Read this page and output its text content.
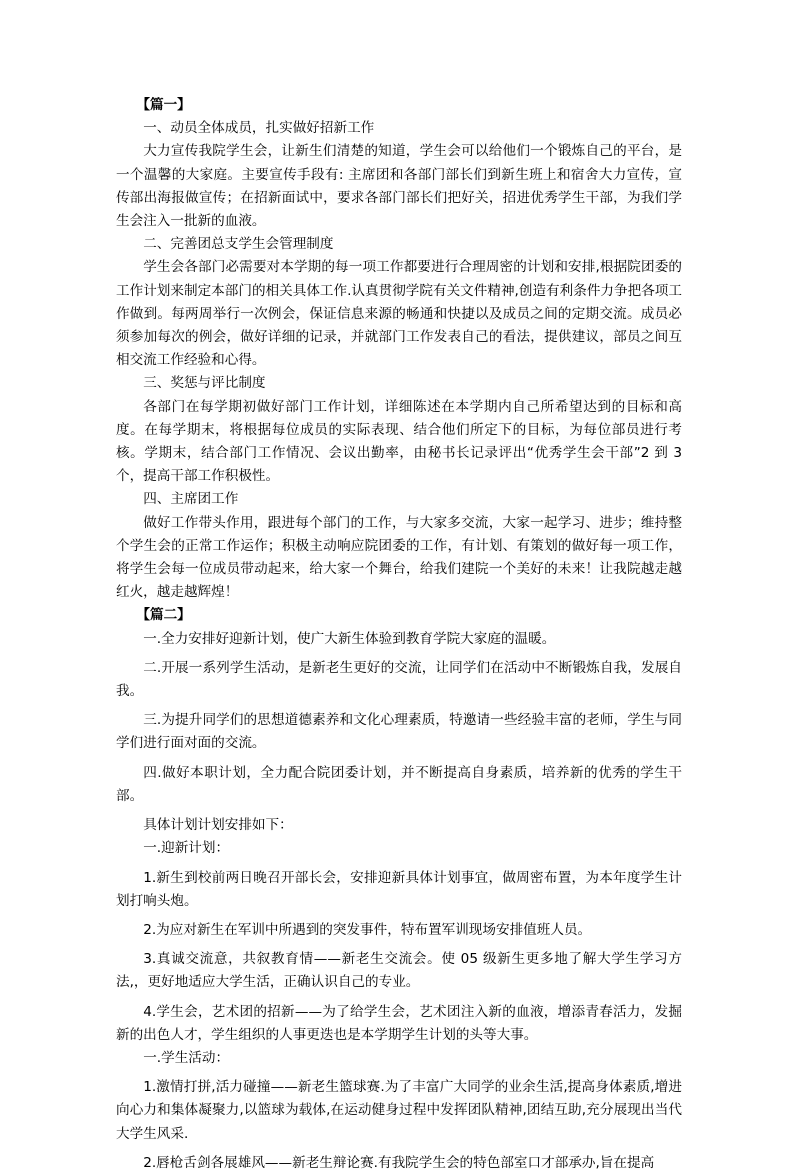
【篇一】

一、动员全体成员，扎实做好招新工作

大力宣传我院学生会，让新生们清楚的知道，学生会可以给他们一个锻炼自己的平台，是一个温馨的大家庭。主要宣传手段有: 主席团和各部门部长们到新生班上和宿舍大力宣传，宣传部出海报做宣传；在招新面试中，要求各部门部长们把好关，招进优秀学生干部，为我们学生会注入一批新的血液。

二、完善团总支学生会管理制度

学生会各部门必需要对本学期的每一项工作都要进行合理周密的计划和安排,根据院团委的工作计划来制定本部门的相关具体工作.认真贯彻学院有关文件精神,创造有利条件力争把各项工作做到。每两周举行一次例会，保证信息来源的畅通和快捷以及成员之间的定期交流。成员必须参加每次的例会，做好详细的记录，并就部门工作发表自己的看法，提供建议，部员之间互相交流工作经验和心得。

三、奖惩与评比制度

各部门在每学期初做好部门工作计划，详细陈述在本学期内自己所希望达到的目标和高度。在每学期末，将根据每位成员的实际表现、结合他们所定下的目标，为每位部员进行考核。学期末，结合部门工作情况、会议出勤率，由秘书长记录评出“优秀学生会干部”2 到 3 个，提高干部工作积极性。

四、主席团工作

做好工作带头作用，跟进每个部门的工作，与大家多交流，大家一起学习、进步；维持整个学生会的正常工作运作；积极主动响应院团委的工作，有计划、有策划的做好每一项工作，将学生会每一位成员带动起来，给大家一个舞台，给我们建院一个美好的未来！让我院越走越红火，越走越辉煌！

【篇二】

一.全力安排好迎新计划，使广大新生体验到教育学院大家庭的温暖。

二.开展一系列学生活动，是新老生更好的交流，让同学们在活动中不断锻炼自我，发展自我。

三.为提升同学们的思想道德素养和文化心理素质，特邀请一些经验丰富的老师，学生与同学们进行面对面的交流。

四.做好本职计划，全力配合院团委计划，并不断提高自身素质，培养新的优秀的学生干部。

具体计划计划安排如下：

一.迎新计划：

1.新生到校前两日晚召开部长会，安排迎新具体计划事宜，做周密布置，为本年度学生计划打响头炮。

2.为应对新生在军训中所遇到的突发事件，特布置军训现场安排值班人员。

3.真诚交流意，共叙教育情——新老生交流会。使 05 级新生更多地了解大学生学习方法,，更好地适应大学生活，正确认识自己的专业。

4.学生会，艺术团的招新——为了给学生会，艺术团注入新的血液，增添青春活力，发掘新的出色人才，学生组织的人事更迭也是本学期学生计划的头等大事。

一.学生活动：

1.激情打拼,活力碰撞——新老生篮球赛.为了丰富广大同学的业余生活,提高身体素质,增进向心力和集体凝聚力,以篮球为载体,在运动健身过程中发挥团队精神,团结互助,充分展现出当代大学生风采.

2.唇枪舌剑各展雄风——新老生辩论赛.有我院学生会的特色部室口才部承办,旨在提高
